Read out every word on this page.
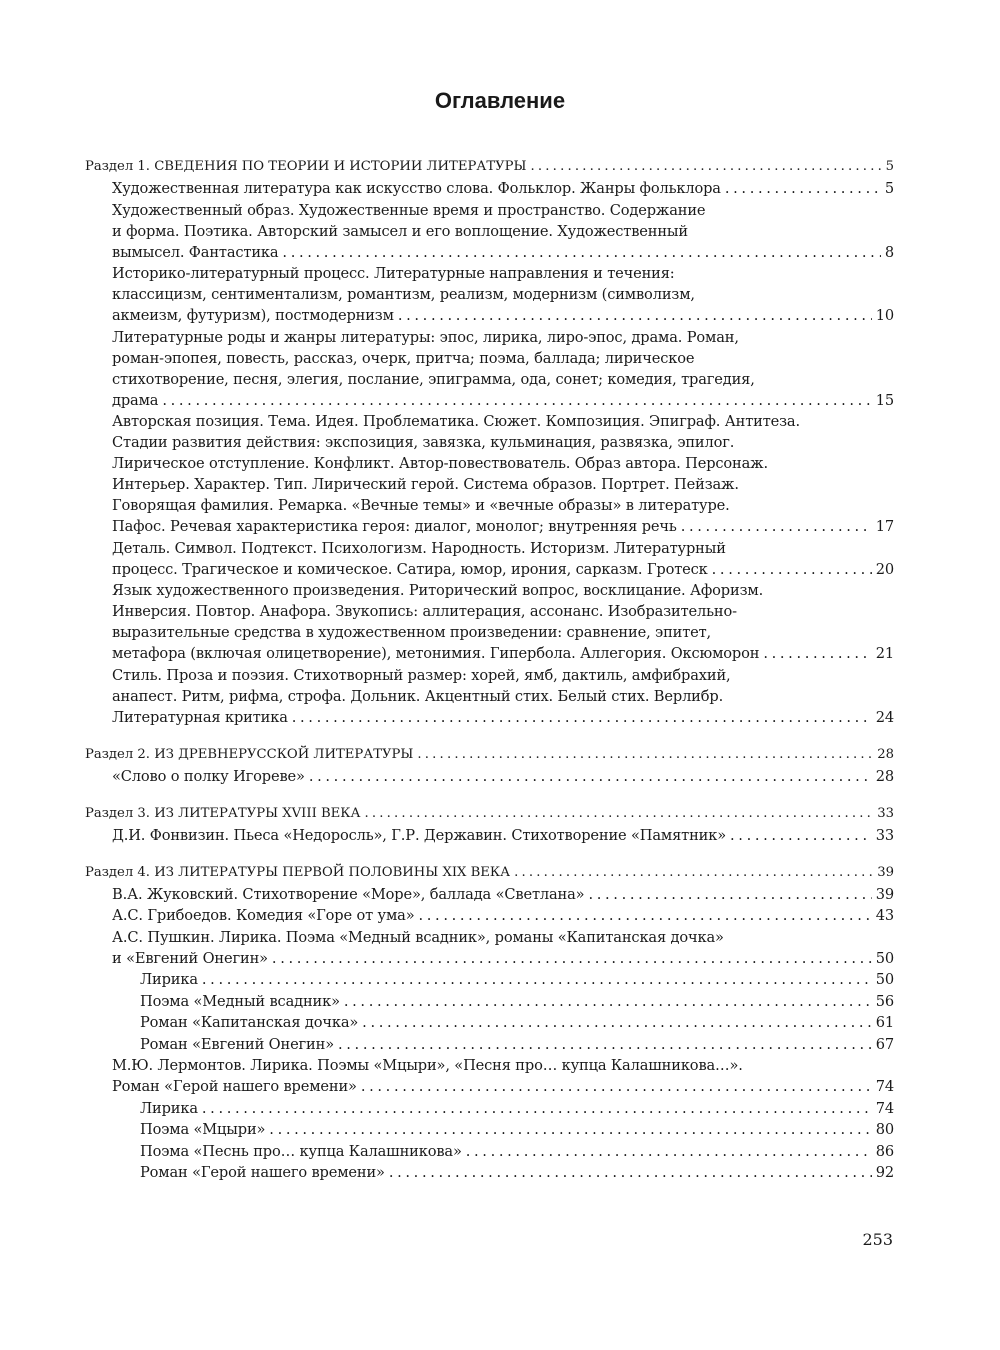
Оглавление
Раздел 1. СВЕДЕНИЯ ПО ТЕОРИИ И ИСТОРИИ ЛИТЕРАТУРЫ . . .	5
Художественная литература как искусство слова. Фольклор. Жанры фольклора . . .	5
Художественный образ. Художественные время и пространство. Содержание
и форма. Поэтика. Авторский замысел и его воплощение. Художественный
вымысел. Фантастика . . .	8
Историко-литературный процесс. Литературные направления и течения:
классицизм, сентиментализм, романтизм, реализм, модернизм (символизм,
акмеизм, футуризм), постмодернизм . . .	10
Литературные роды и жанры литературы: эпос, лирика, лиро-эпос, драма. Роман,
роман-эпопея, повесть, рассказ, очерк, притча; поэма, баллада; лирическое
стихотворение, песня, элегия, послание, эпиграмма, ода, сонет; комедия, трагедия,
драма . . .	15
Авторская позиция. Тема. Идея. Проблематика. Сюжет. Композиция. Эпиграф. Антитеза.
Стадии развития действия: экспозиция, завязка, кульминация, развязка, эпилог.
Лирическое отступление. Конфликт. Автор-повествователь. Образ автора. Персонаж.
Интерьер. Характер. Тип. Лирический герой. Система образов. Портрет. Пейзаж.
Говорящая фамилия. Ремарка. «Вечные темы» и «вечные образы» в литературе.
Пафос. Речевая характеристика героя: диалог, монолог; внутренняя речь . . .	17
Деталь. Символ. Подтекст. Психологизм. Народность. Историзм. Литературный
процесс. Трагическое и комическое. Сатира, юмор, ирония, сарказм. Гротеск . . .	20
Язык художественного произведения. Риторический вопрос, восклицание. Афоризм.
Инверсия. Повтор. Анафора. Звукопись: аллитерация, ассонанс. Изобразительно-
выразительные средства в художественном произведении: сравнение, эпитет,
метафора (включая олицетворение), метонимия. Гипербола. Аллегория. Оксюморон . . .	21
Стиль. Проза и поэзия. Стихотворный размер: хорей, ямб, дактиль, амфибрахий,
анапест. Ритм, рифма, строфа. Дольник. Акцентный стих. Белый стих. Верлибр.
Литературная критика . . .	24
Раздел 2. ИЗ ДРЕВНЕРУССКОЙ ЛИТЕРАТУРЫ . . .	28
«Слово о полку Игореве» . . .	28
Раздел 3. ИЗ ЛИТЕРАТУРЫ XVIII ВЕКА . . .	33
Д.И. Фонвизин. Пьеса «Недоросль», Г.Р. Державин. Стихотворение «Памятник» . . .	33
Раздел 4. ИЗ ЛИТЕРАТУРЫ ПЕРВОЙ ПОЛОВИНЫ XIX ВЕКА . . .	39
В.А. Жуковский. Стихотворение «Море», баллада «Светлана» . . .	39
А.С. Грибоедов. Комедия «Горе от ума» . . .	43
А.С. Пушкин. Лирика. Поэма «Медный всадник», романы «Капитанская дочка»
и «Евгений Онегин» . . .	50
Лирика . . .	50
Поэма «Медный всадник» . . .	56
Роман «Капитанская дочка» . . .	61
Роман «Евгений Онегин» . . .	67
М.Ю. Лермонтов. Лирика. Поэмы «Мцыри», «Песня про… купца Калашникова…».
Роман «Герой нашего времени» . . .	74
Лирика . . .	74
Поэма «Мцыри» . . .	80
Поэма «Песнь про… купца Калашникова» . . .	86
Роман «Герой нашего времени» . . .	92
253
